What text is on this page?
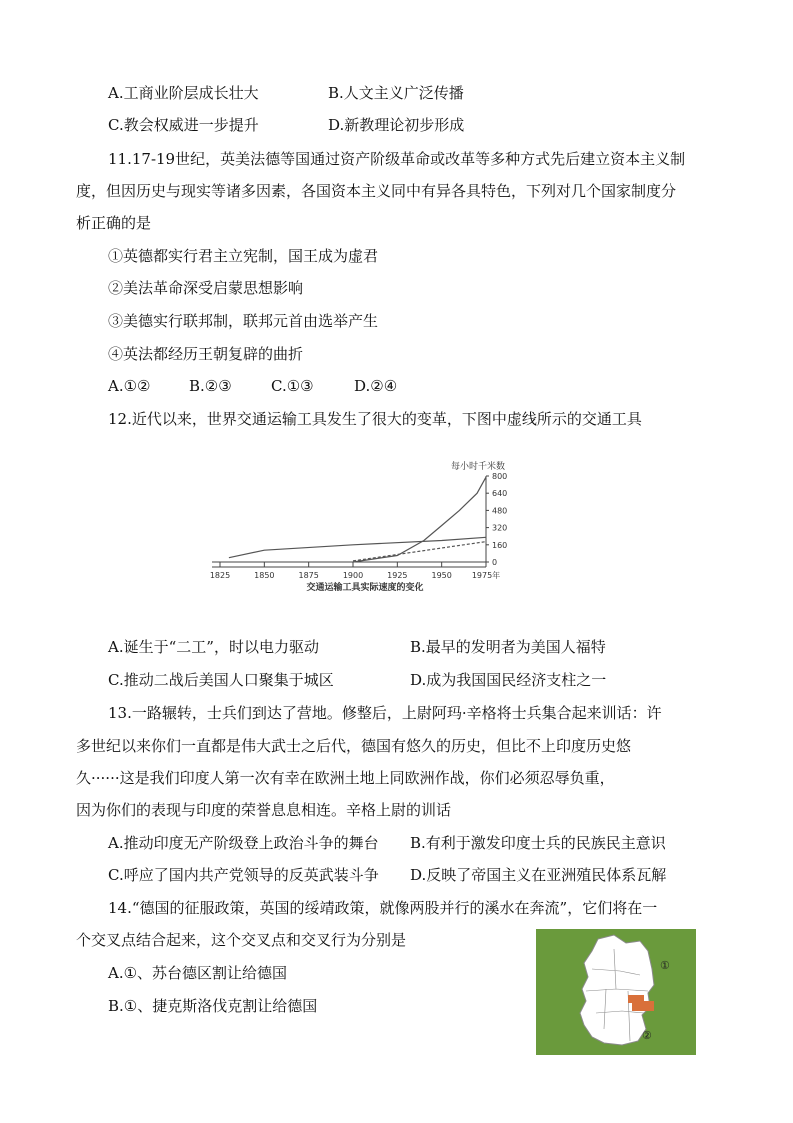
A.工商业阶层成长壮大	B.人文主义广泛传播
C.教会权威进一步提升	D.新教理论初步形成
11.17-19世纪，英美法德等国通过资产阶级革命或改革等多种方式先后建立资本主义制
度，但因历史与现实等诸多因素，各国资本主义同中有异各具特色，下列对几个国家制度分
析正确的是
①英德都实行君主立宪制，国王成为虚君
②美法革命深受启蒙思想影响
③美德实行联邦制，联邦元首由选举产生
④英法都经历王朝复辟的曲折
A.①②	B.②③	C.①③	D.②④
12.近代以来，世界交通运输工具发生了很大的变革，下图中虚线所示的交通工具
每小时千米数
1825	1850	1875	1900	1925	1950 1975年
0
160
320
480
640
800
交通运输工具实际速度的变化
A.诞生于“二工”，时以电力驱动	B.最早的发明者为美国人福特
C.推动二战后美国人口聚集于城区	D.成为我国国民经济支柱之一
13.一路辗转，士兵们到达了营地。修整后，上尉阿玛·辛格将士兵集合起来训话：许
多世纪以来你们一直都是伟大武士之后代，德国有悠久的历史，但比不上印度历史悠
久······这是我们印度人第一次有幸在欧洲土地上同欧洲作战，你们必须忍辱负重，
因为你们的表现与印度的荣誉息息相连。辛格上尉的训话
A.推动印度无产阶级登上政治斗争的舞台 B.有利于激发印度士兵的民族民主意识
C.呼应了国内共产党领导的反英武装斗争 D.反映了帝国主义在亚洲殖民体系瓦解
14.“德国的征服政策，英国的绥靖政策，就像两股并行的溪水在奔流”，它们将在一
个交叉点结合起来，这个交叉点和交叉行为分别是
A.①、苏台德区割让给德国
B.①、捷克斯洛伐克割让给德国
①
②
